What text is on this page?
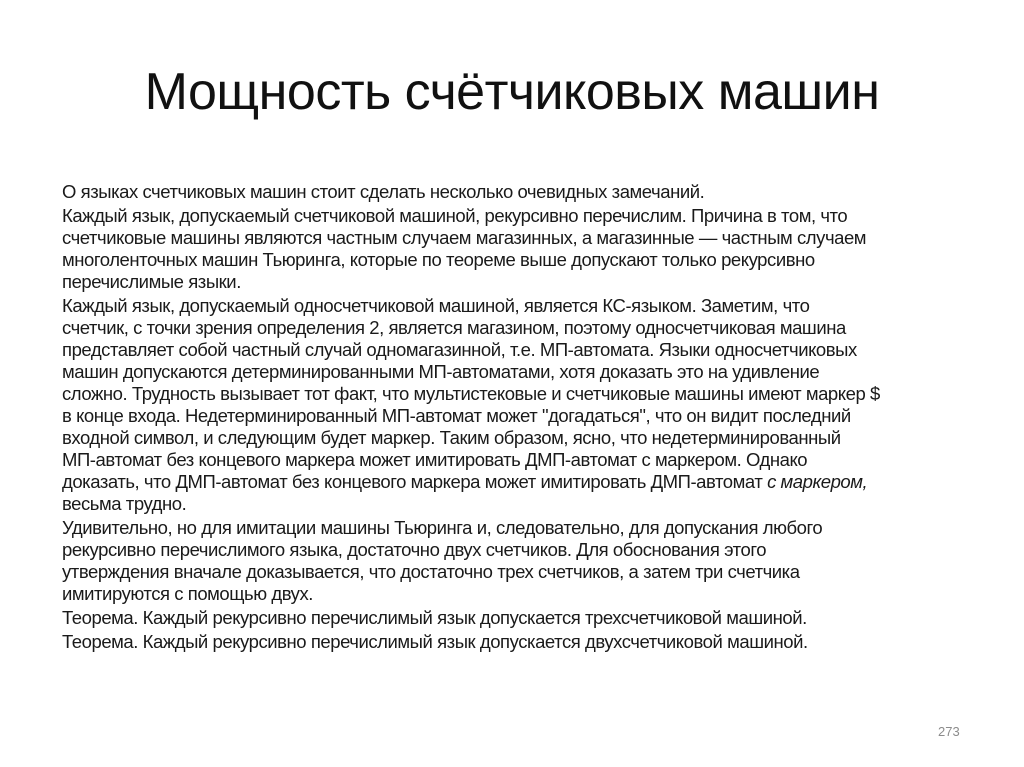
Мощность счётчиковых машин
О языках счетчиковых машин стоит сделать несколько очевидных замечаний.
Каждый язык, допускаемый счетчиковой машиной, рекурсивно перечислим. Причина в том, что
счетчиковые машины являются частным случаем магазинных, а магазинные — частным случаем
многоленточных машин Тьюринга, которые по теореме выше допускают только рекурсивно
перечислимые языки.
Каждый язык, допускаемый односчетчиковой машиной, является КС-языком. Заметим, что
счетчик, с точки зрения определения 2, является магазином, поэтому односчетчиковая машина
представляет собой частный случай одномагазинной, т.е. МП-автомата. Языки односчетчиковых
машин допускаются детерминированными МП-автоматами, хотя доказать это на удивление
сложно. Трудность вызывает тот факт, что мультистековые и счетчиковые машины имеют маркер $
в конце входа. Недетерминированный МП-автомат может "догадаться", что он видит последний
входной символ, и следующим будет маркер. Таким образом, ясно, что недетерминированный
МП-автомат без концевого маркера может имитировать ДМП-автомат с маркером. Однако
доказать, что ДМП-автомат без концевого маркера может имитировать ДМП-автомат с маркером,
весьма трудно.
Удивительно, но для имитации машины Тьюринга и, следовательно, для допускания любого
рекурсивно перечислимого языка, достаточно двух счетчиков. Для обоснования этого
утверждения вначале доказывается, что достаточно трех счетчиков, а затем три счетчика
имитируются с помощью двух.
Теорема. Каждый рекурсивно перечислимый язык допускается трехсчетчиковой машиной.
Теорема. Каждый рекурсивно перечислимый язык допускается двухсчетчиковой машиной.
273
